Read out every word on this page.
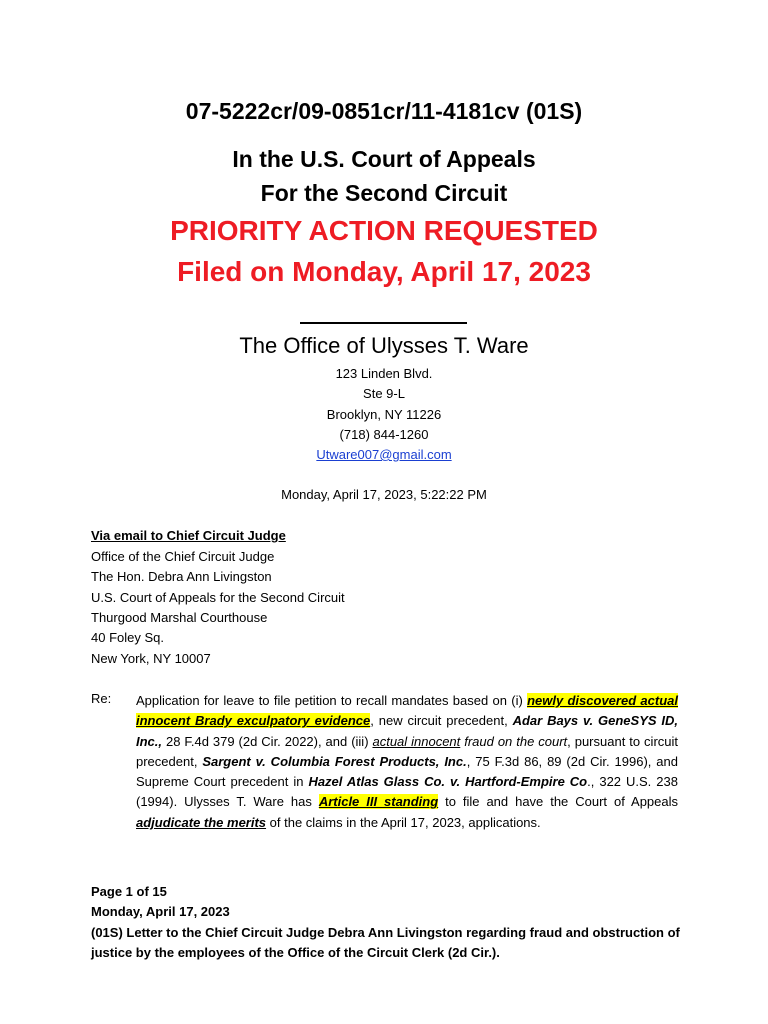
07-5222cr/09-0851cr/11-4181cv (01S)
In the U.S. Court of Appeals
For the Second Circuit
PRIORITY ACTION REQUESTED
Filed on Monday, April 17, 2023
The Office of Ulysses T. Ware
123 Linden Blvd.
Ste 9-L
Brooklyn, NY 11226
(718) 844-1260
Utware007@gmail.com
Monday, April 17, 2023, 5:22:22 PM
Via email to Chief Circuit Judge
Office of the Chief Circuit Judge
The Hon. Debra Ann Livingston
U.S. Court of Appeals for the Second Circuit
Thurgood Marshal Courthouse
40 Foley Sq.
New York, NY 10007
Re: Application for leave to file petition to recall mandates based on (i) newly discovered actual innocent Brady exculpatory evidence, new circuit precedent, Adar Bays v. GeneSYS ID, Inc., 28 F.4d 379 (2d Cir. 2022), and (iii) actual innocent fraud on the court, pursuant to circuit precedent, Sargent v. Columbia Forest Products, Inc., 75 F.3d 86, 89 (2d Cir. 1996), and Supreme Court precedent in Hazel Atlas Glass Co. v. Hartford-Empire Co., 322 U.S. 238 (1994). Ulysses T. Ware has Article III standing to file and have the Court of Appeals adjudicate the merits of the claims in the April 17, 2023, applications.
Page 1 of 15
Monday, April 17, 2023
(01S) Letter to the Chief Circuit Judge Debra Ann Livingston regarding fraud and obstruction of justice by the employees of the Office of the Circuit Clerk (2d Cir.).
